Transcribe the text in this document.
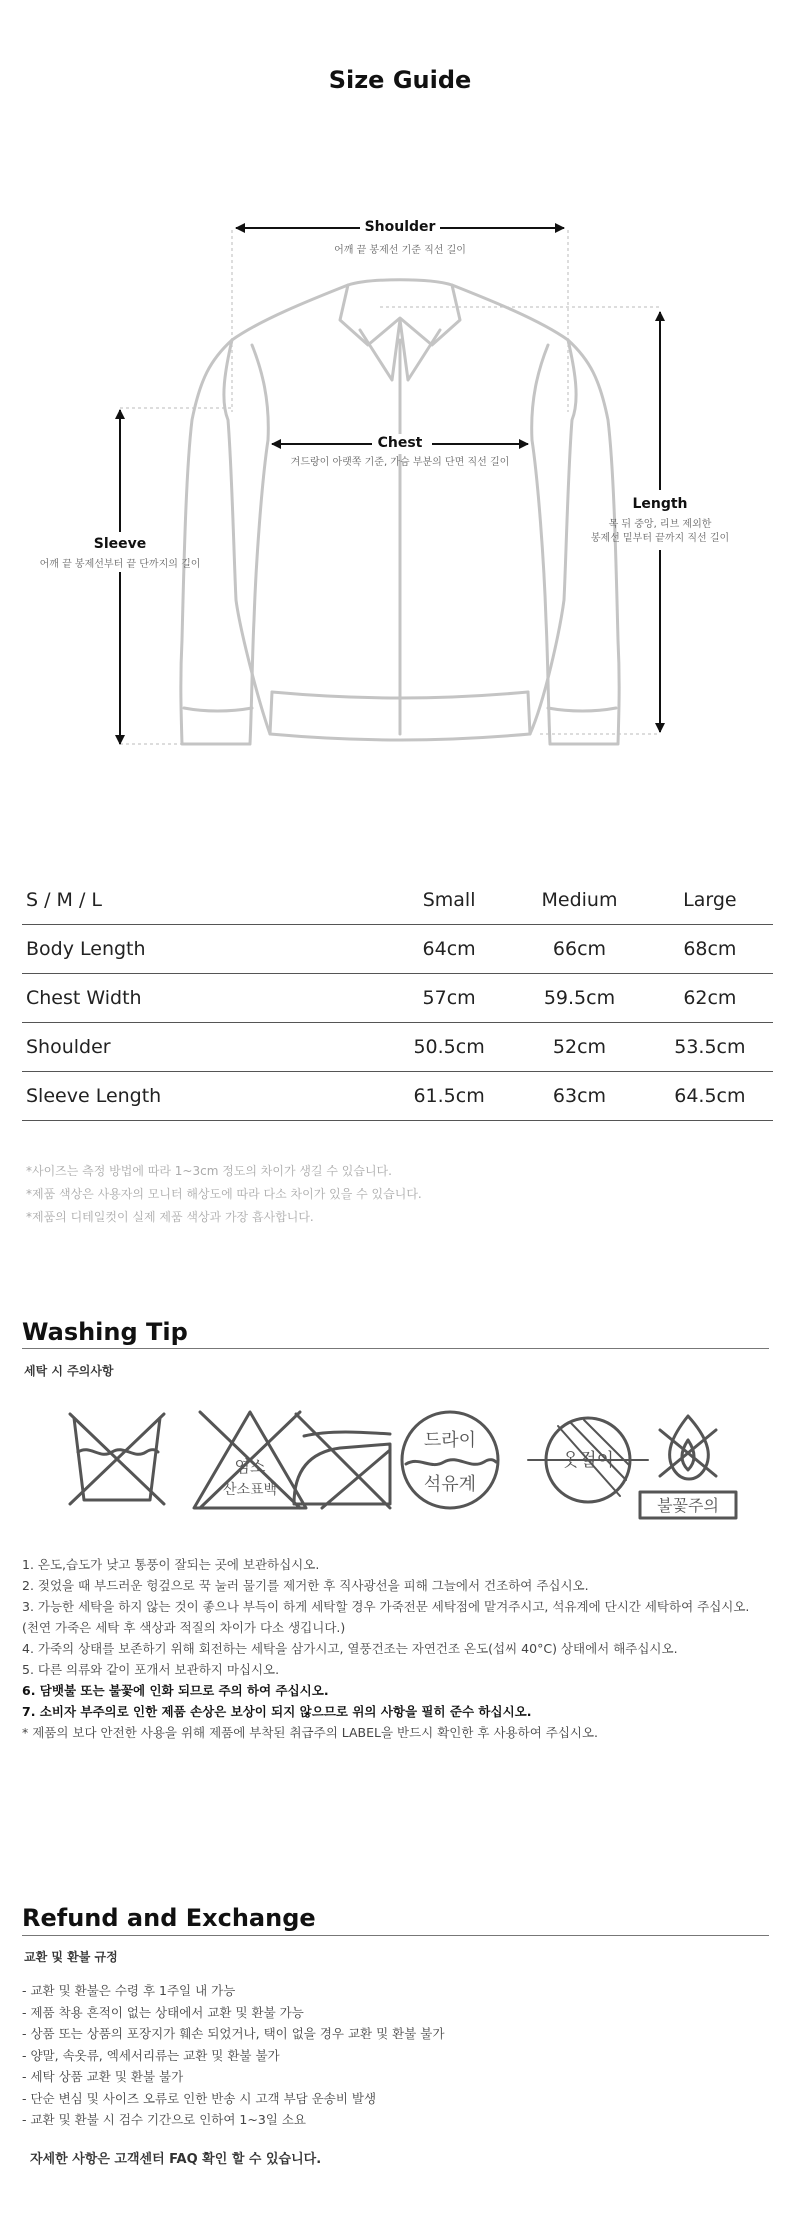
Size Guide
Shoulder
어깨 끝 봉제선 기준 직선 길이
Chest
겨드랑이 아랫쪽 기준, 가슴 부분의 단면 직선 길이
Length
목 뒤 중앙, 리브 제외한
봉제선 밑부터 끝까지 직선 길이
Sleeve
어깨 끝 봉제선부터 끝 단까지의 길이
S / M / L	Small	Medium	Large
Body Length	64cm	66cm	68cm
Chest Width	57cm	59.5cm	62cm
Shoulder	50.5cm	52cm	53.5cm
Sleeve Length	61.5cm	63cm	64.5cm
*사이즈는 측정 방법에 따라 1~3cm 정도의 차이가 생길 수 있습니다.
*제품 색상은 사용자의 모니터 해상도에 따라 다소 차이가 있을 수 있습니다.
*제품의 디테일컷이 실제 제품 색상과 가장 흡사합니다.
Washing Tip
세탁 시 주의사항
염소
산소표백
드라이
석유계
옷걸이
불꽃주의
1. 온도,습도가 낮고 통풍이 잘되는 곳에 보관하십시오.
2. 젖었을 때 부드러운 헝겊으로 꾹 눌러 물기를 제거한 후 직사광선을 피해 그늘에서 건조하여 주십시오.
3. 가능한 세탁을 하지 않는 것이 좋으나 부득이 하게 세탁할 경우 가죽전문 세탁점에 맡겨주시고, 석유계에 단시간 세탁하여 주십시오.
(천연 가죽은 세탁 후 색상과 적질의 차이가 다소 생깁니다.)
4. 가죽의 상태를 보존하기 위해 회전하는 세탁을 삼가시고, 열풍건조는 자연건조 온도(섭씨 40°C) 상태에서 해주십시오.
5. 다른 의류와 같이 포개서 보관하지 마십시오.
6. 담뱃불 또는 불꽃에 인화 되므로 주의 하여 주십시오.
7. 소비자 부주의로 인한 제품 손상은 보상이 되지 않으므로 위의 사항을 필히 준수 하십시오.
* 제품의 보다 안전한 사용을 위해 제품에 부착된 취급주의 LABEL을 반드시 확인한 후 사용하여 주십시오.
Refund and Exchange
교환 및 환불 규정
- 교환 및 환불은 수령 후 1주일 내 가능
- 제품 착용 흔적이 없는 상태에서 교환 및 환불 가능
- 상품 또는 상품의 포장지가 훼손 되었거나, 택이 없을 경우 교환 및 환불 불가
- 양말, 속옷류, 엑세서리류는 교환 및 환불 불가
- 세탁 상품 교환 및 환불 불가
- 단순 변심 및 사이즈 오류로 인한 반송 시 고객 부담 운송비 발생
- 교환 및 환불 시 검수 기간으로 인하여 1~3일 소요
자세한 사항은 고객센터 FAQ 확인 할 수 있습니다.
